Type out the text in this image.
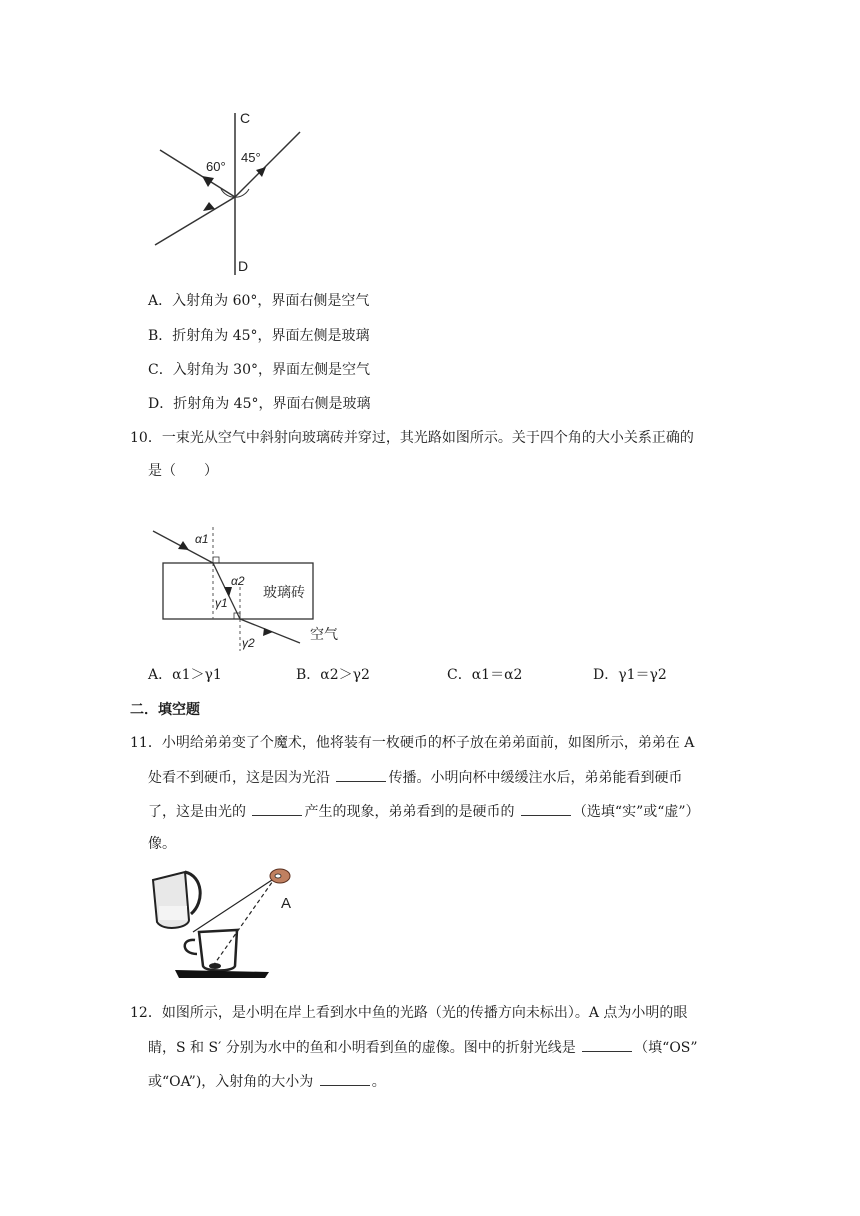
C
D
60°
45°
A．入射角为 60°，界面右侧是空气
B．折射角为 45°，界面左侧是玻璃
C．入射角为 30°，界面左侧是空气
D．折射角为 45°，界面右侧是玻璃
10．一束光从空气中斜射向玻璃砖并穿过，其光路如图所示。关于四个角的大小关系正确的
是（　　）
α1
α2
γ1
γ2
玻璃砖
空气
A．α1＞γ1	B．α2＞γ2	C．α1＝α2	D．γ1＝γ2
二．填空题
11．小明给弟弟变了个魔术，他将装有一枚硬币的杯子放在弟弟面前，如图所示，弟弟在 A
处看不到硬币，这是因为光沿	传播。小明向杯中缓缓注水后，弟弟能看到硬币
了，这是由光的	产生的现象，弟弟看到的是硬币的	（选填“实”或“虚”）
像。
A
12．如图所示，是小明在岸上看到水中鱼的光路（光的传播方向未标出）。A 点为小明的眼
睛，S 和 S′ 分别为水中的鱼和小明看到鱼的虚像。图中的折射光线是	（填“OS”
或“OA”)，入射角的大小为	。
